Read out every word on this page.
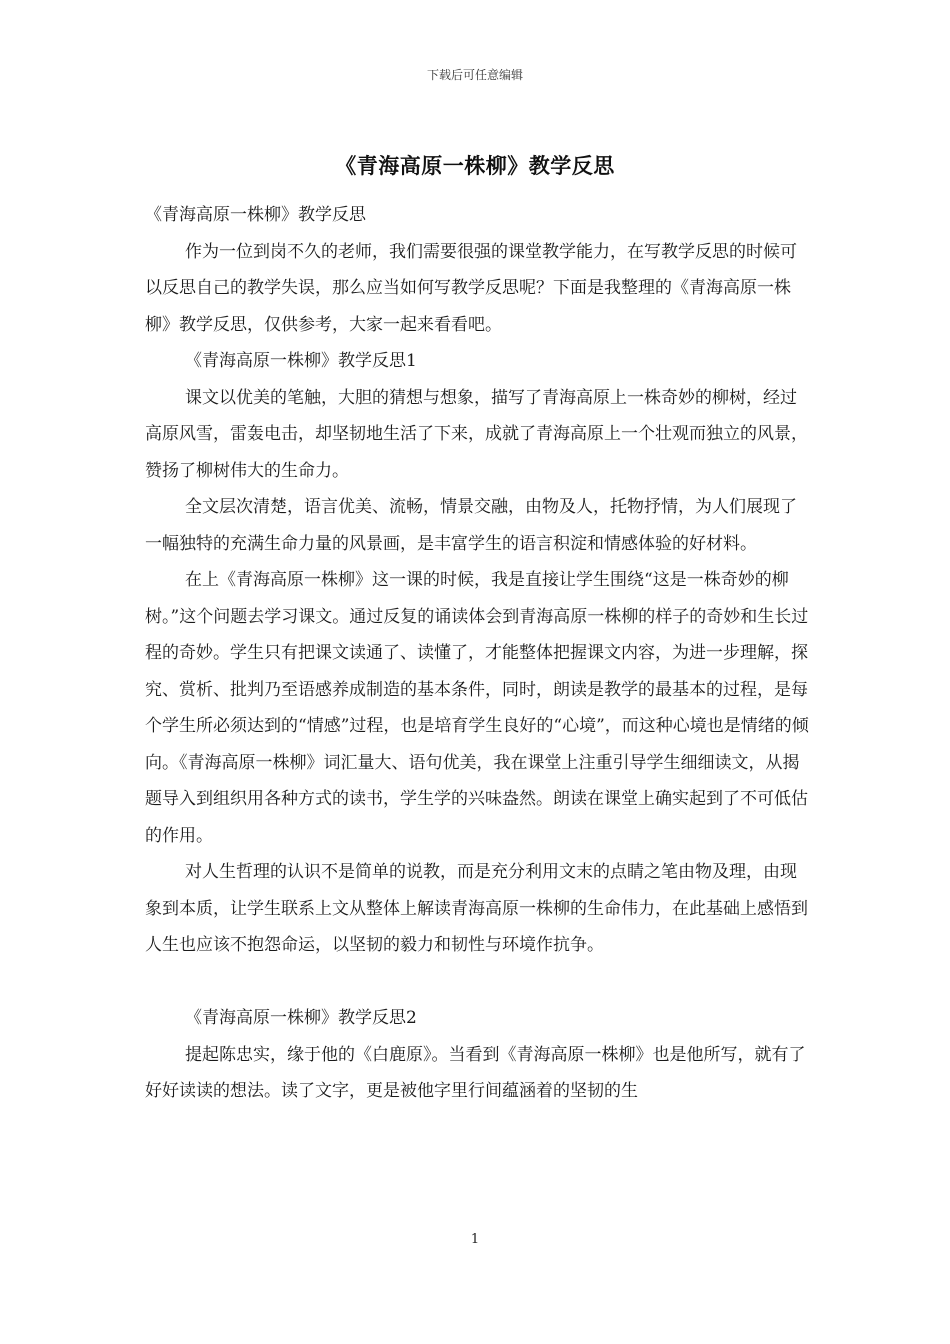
下载后可任意编辑
《青海高原一株柳》教学反思

《青海高原一株柳》教学反思

作为一位到岗不久的老师，我们需要很强的课堂教学能力，在写教学反思的时候可以反思自己的教学失误，那么应当如何写教学反思呢？下面是我整理的《青海高原一株柳》教学反思，仅供参考，大家一起来看看吧。

《青海高原一株柳》教学反思1

课文以优美的笔触，大胆的猜想与想象，描写了青海高原上一株奇妙的柳树，经过高原风雪，雷轰电击，却坚韧地生活了下来，成就了青海高原上一个壮观而独立的风景，赞扬了柳树伟大的生命力。

全文层次清楚，语言优美、流畅，情景交融，由物及人，托物抒情，为人们展现了一幅独特的充满生命力量的风景画，是丰富学生的语言积淀和情感体验的好材料。

在上《青海高原一株柳》这一课的时候，我是直接让学生围绕“这是一株奇妙的柳树。”这个问题去学习课文。通过反复的诵读体会到青海高原一株柳的样子的奇妙和生长过程的奇妙。学生只有把课文读通了、读懂了，才能整体把握课文内容，为进一步理解，探究、赏析、批判乃至语感养成制造的基本条件，同时，朗读是教学的最基本的过程，是每个学生所必须达到的“情感”过程，也是培育学生良好的“心境”，而这种心境也是情绪的倾向。《青海高原一株柳》词汇量大、语句优美，我在课堂上注重引导学生细细读文，从揭题导入到组织用各种方式的读书，学生学的兴味盎然。朗读在课堂上确实起到了不可低估的作用。

对人生哲理的认识不是简单的说教，而是充分利用文末的点睛之笔由物及理，由现象到本质，让学生联系上文从整体上解读青海高原一株柳的生命伟力，在此基础上感悟到人生也应该不抱怨命运，以坚韧的毅力和韧性与环境作抗争。

《青海高原一株柳》教学反思2

提起陈忠实，缘于他的《白鹿原》。当看到《青海高原一株柳》也是他所写，就有了好好读读的想法。读了文字，更是被他字里行间蕴涵着的坚韧的生

1
